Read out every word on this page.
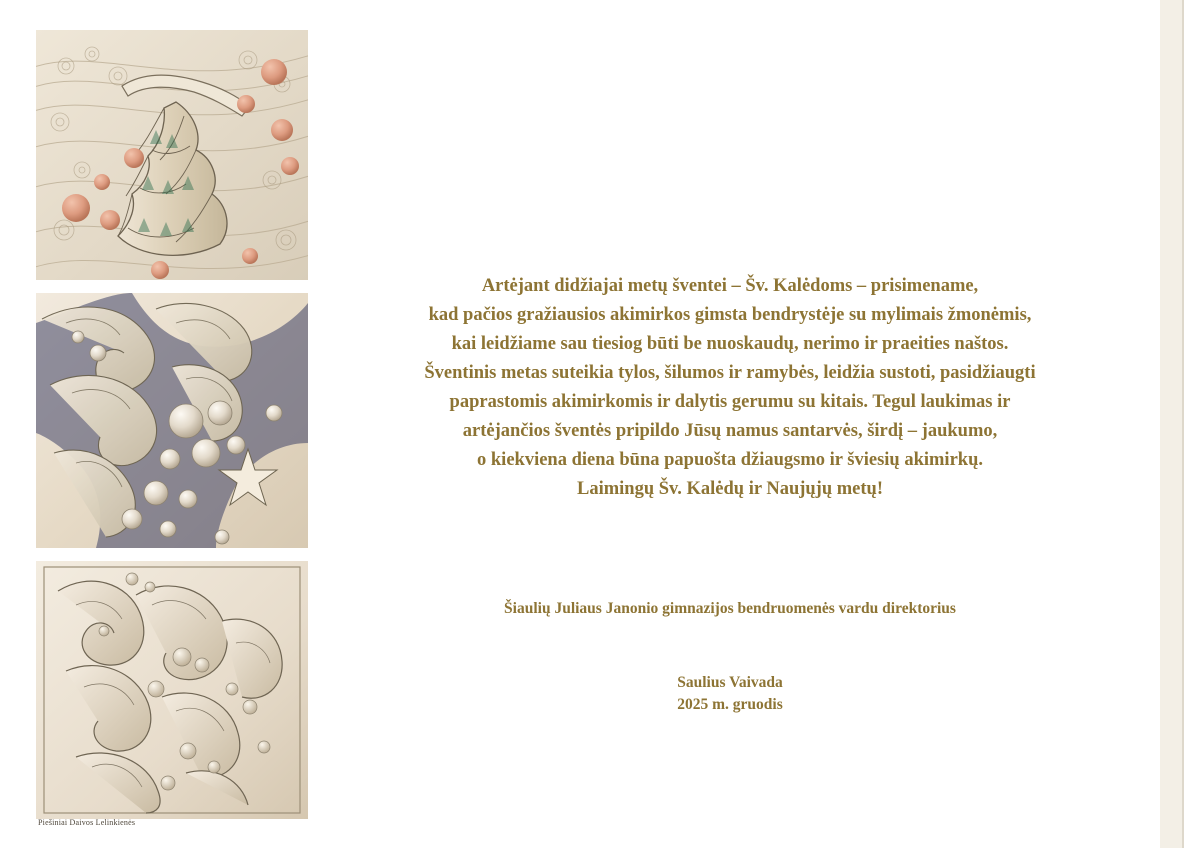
Piešiniai Daivos Lelinkienės

Artėjant didžiajai metų šventei – Šv. Kalėdoms – prisimename,

kad pačios gražiausios akimirkos gimsta bendrystėje su mylimais žmonėmis,

kai leidžiame sau tiesiog būti be nuoskaudų, nerimo ir praeities naštos.

Šventinis metas suteikia tylos, šilumos ir ramybės, leidžia sustoti, pasidžiaugti

paprastomis akimirkomis ir dalytis gerumu su kitais. Tegul laukimas ir

artėjančios šventės pripildo Jūsų namus santarvės, širdį – jaukumo,

o kiekviena diena būna papuošta džiaugsmo ir šviesių akimirkų.

Laimingų Šv. Kalėdų ir Naujųjų metų!

Šiaulių Juliaus Janonio gimnazijos bendruomenės vardu direktorius
Saulius Vaivada
2025 m. gruodis
